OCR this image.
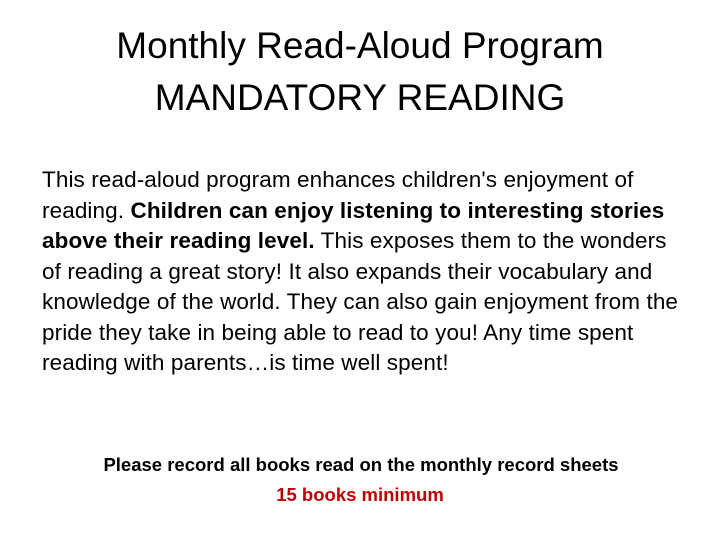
Monthly Read-Aloud Program
MANDATORY READING

This read-aloud program enhances children's enjoyment of reading. Children can enjoy listening to interesting stories above their reading level. This exposes them to the wonders of reading a great story! It also expands their vocabulary and knowledge of the world. They can also gain enjoyment from the pride they take in being able to read to you! Any time spent reading with parents…is time well spent!

Please record all books read on the monthly record sheets
15 books minimum
